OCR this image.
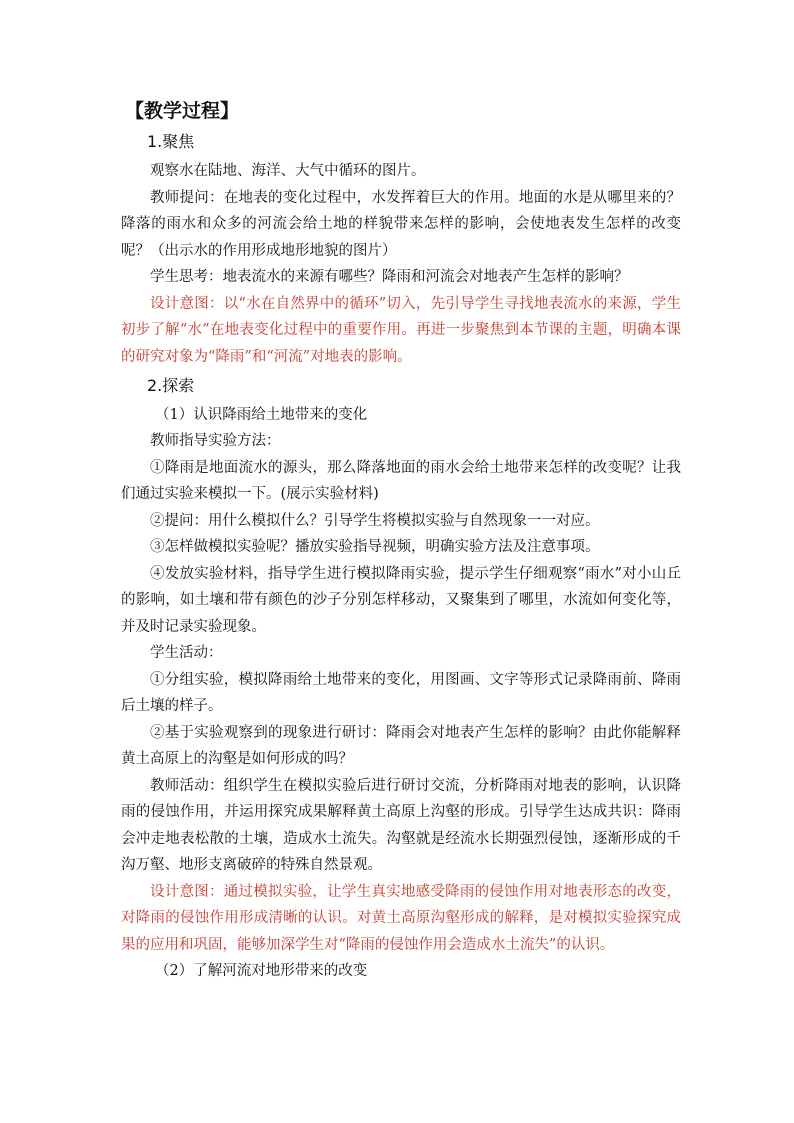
【教学过程】
1.聚焦

观察水在陆地、海洋、大气中循环的图片。

教师提问：在地表的变化过程中，水发挥着巨大的作用。地面的水是从哪里来的？降落的雨水和众多的河流会给土地的样貌带来怎样的影响，会使地表发生怎样的改变呢？（出示水的作用形成地形地貌的图片）

学生思考：地表流水的来源有哪些？降雨和河流会对地表产生怎样的影响？

设计意图：以“水在自然界中的循环”切入，先引导学生寻找地表流水的来源，学生初步了解“水”在地表变化过程中的重要作用。再进一步聚焦到本节课的主题，明确本课的研究对象为“降雨”和“河流”对地表的影响。

2.探索

（1）认识降雨给土地带来的变化

教师指导实验方法：

①降雨是地面流水的源头，那么降落地面的雨水会给土地带来怎样的改变呢？让我们通过实验来模拟一下。(展示实验材料)

②提问：用什么模拟什么？引导学生将模拟实验与自然现象一一对应。

③怎样做模拟实验呢？播放实验指导视频，明确实验方法及注意事项。

④发放实验材料，指导学生进行模拟降雨实验，提示学生仔细观察“雨水”对小山丘的影响，如土壤和带有颜色的沙子分别怎样移动，又聚集到了哪里，水流如何变化等，并及时记录实验现象。

学生活动：

①分组实验，模拟降雨给土地带来的变化，用图画、文字等形式记录降雨前、降雨后土壤的样子。

②基于实验观察到的现象进行研讨：降雨会对地表产生怎样的影响？由此你能解释黄土高原上的沟壑是如何形成的吗？

教师活动：组织学生在模拟实验后进行研讨交流，分析降雨对地表的影响，认识降雨的侵蚀作用，并运用探究成果解释黄土高原上沟壑的形成。引导学生达成共识：降雨会冲走地表松散的土壤，造成水土流失。沟壑就是经流水长期强烈侵蚀，逐渐形成的千沟万壑、地形支离破碎的特殊自然景观。

设计意图：通过模拟实验，让学生真实地感受降雨的侵蚀作用对地表形态的改变，对降雨的侵蚀作用形成清晰的认识。对黄土高原沟壑形成的解释，是对模拟实验探究成果的应用和巩固，能够加深学生对“降雨的侵蚀作用会造成水土流失”的认识。

（2）了解河流对地形带来的改变
